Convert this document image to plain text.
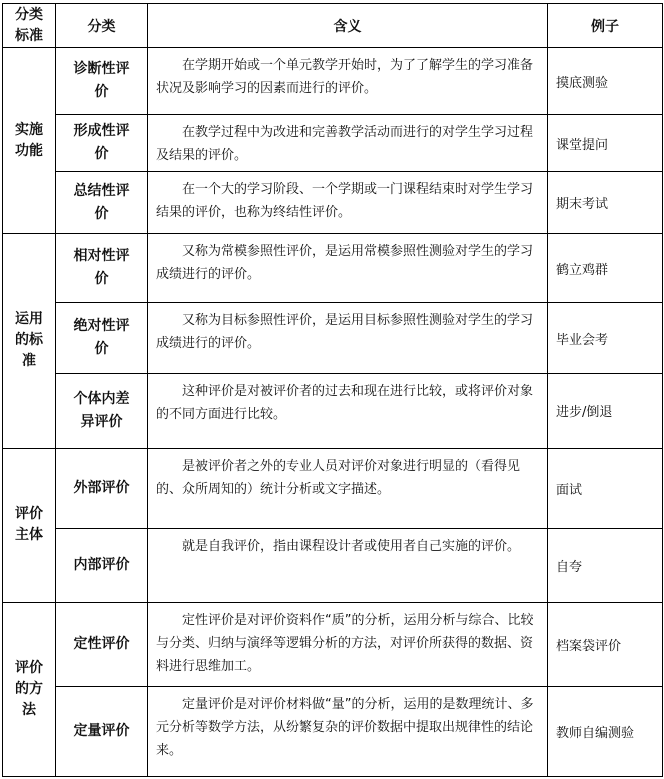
分类标准	分类	含义	例子
实施功能	诊断性评价	在学期开始或一个单元教学开始时，为了了解学生的学习准备状况及影响学习的因素而进行的评价。	摸底测验
	形成性评价	在教学过程中为改进和完善教学活动而进行的对学生学习过程及结果的评价。	课堂提问
	总结性评价	在一个大的学习阶段、一个学期或一门课程结束时对学生学习结果的评价，也称为终结性评价。	期末考试
运用的标准	相对性评价	又称为常模参照性评价，是运用常模参照性测验对学生的学习成绩进行的评价。	鹤立鸡群
	绝对性评价	又称为目标参照性评价，是运用目标参照性测验对学生的学习成绩进行的评价。	毕业会考
	个体内差异评价	这种评价是对被评价者的过去和现在进行比较，或将评价对象的不同方面进行比较。	进步/倒退
评价主体	外部评价	是被评价者之外的专业人员对评价对象进行明显的（看得见的、众所周知的）统计分析或文字描述。	面试
	内部评价	就是自我评价，指由课程设计者或使用者自己实施的评价。	自夸
评价的方法	定性评价	定性评价是对评价资料作“质”的分析，运用分析与综合、比较与分类、归纳与演绎等逻辑分析的方法，对评价所获得的数据、资料进行思维加工。	档案袋评价
	定量评价	定量评价是对评价材料做“量”的分析，运用的是数理统计、多元分析等数学方法，从纷繁复杂的评价数据中提取出规律性的结论来。	教师自编测验
